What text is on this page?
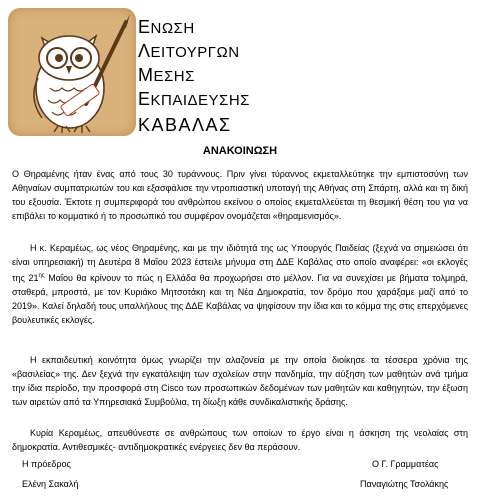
ΕΝΩΣΗ
ΛΕΙΤΟΥΡΓΩΝ
ΜΕΣΗΣ
ΕΚΠΑΙΔΕΥΣΗΣ
ΚΑΒΑΛΑΣ
ΑΝΑΚΟΙΝΩΣΗ
Ο Θηραμένης ήταν ένας από τους 30 τυράννους. Πριν γίνει τύραννος εκμεταλλεύτηκε την εμπιστοσύνη των Αθηναίων συμπατριωτών του και εξασφάλισε την ντροπιαστική υποταγή της Αθήνας στη Σπάρτη, αλλά και τη δική του εξουσία. Έκτοτε η συμπεριφορά του ανθρώπου εκείνου ο οποίος εκμεταλλεύεται τη θεσμική θέση του για να επιβάλει το κομματικό ή το προσωπικό του συμφέρον ονομάζεται «θηραμενισμός».
Η κ. Κεραμέως, ως νέος Θηραμένης, και με την ιδιότητά της ως Υπουργός Παιδείας (ξεχνά να σημειώσει ότι είναι υπηρεσιακή) τη Δευτέρα 8 Μαΐου 2023 έστειλε μήνυμα στη ΔΔΕ Καβάλας στο οποίο αναφέρει: «οι εκλογές της $21^{\eta\varsigma}$ Μαΐου θα κρίνουν το πώς η Ελλάδα θα προχωρήσει στο μέλλον. Για να συνεχίσει με βήματα τολμηρά, σταθερά, μπροστά, με τον Κυριάκο Μητσοτάκη και τη Νέα Δημοκρατία, τον δρόμο που χαράξαμε μαζί από το 2019». Καλεί δηλαδή τους υπαλλήλους της ΔΔΕ Καβάλας να ψηφίσουν την ίδια και το κόμμα της στις επερχόμενες βουλευτικές εκλογές.
Η εκπαιδευτική κοινότητα όμως γνωρίζει την αλαζονεία με την οποία διοίκησε τα τέσσερα χρόνια της «βασιλείας» της. Δεν ξεχνά την εγκατάλειψη των σχολείων στην πανδημία, την αύξηση των μαθητών ανά τμήμα την ίδια περίοδο, την προσφορά στη Cisco των προσωπικών δεδομένων των μαθητών και καθηγητών, την έξωση των αιρετών από τα Υπηρεσιακά Συμβούλια, τη δίωξη κάθε συνδικαλιστικής δράσης.
Κυρία Κεραμέως, απευθύνεστε σε ανθρώπους των οποίων το έργο είναι η άσκηση της νεολαίας στη δημοκρατία. Αντιθεσμικές- αντιδημοκρατικές ενέργειες δεν θα περάσουν.
Η πρόεδρος
Ελένη Σακαλή
Ο Γ. Γραμματέας
Παναγιώτης Τσολάκης
